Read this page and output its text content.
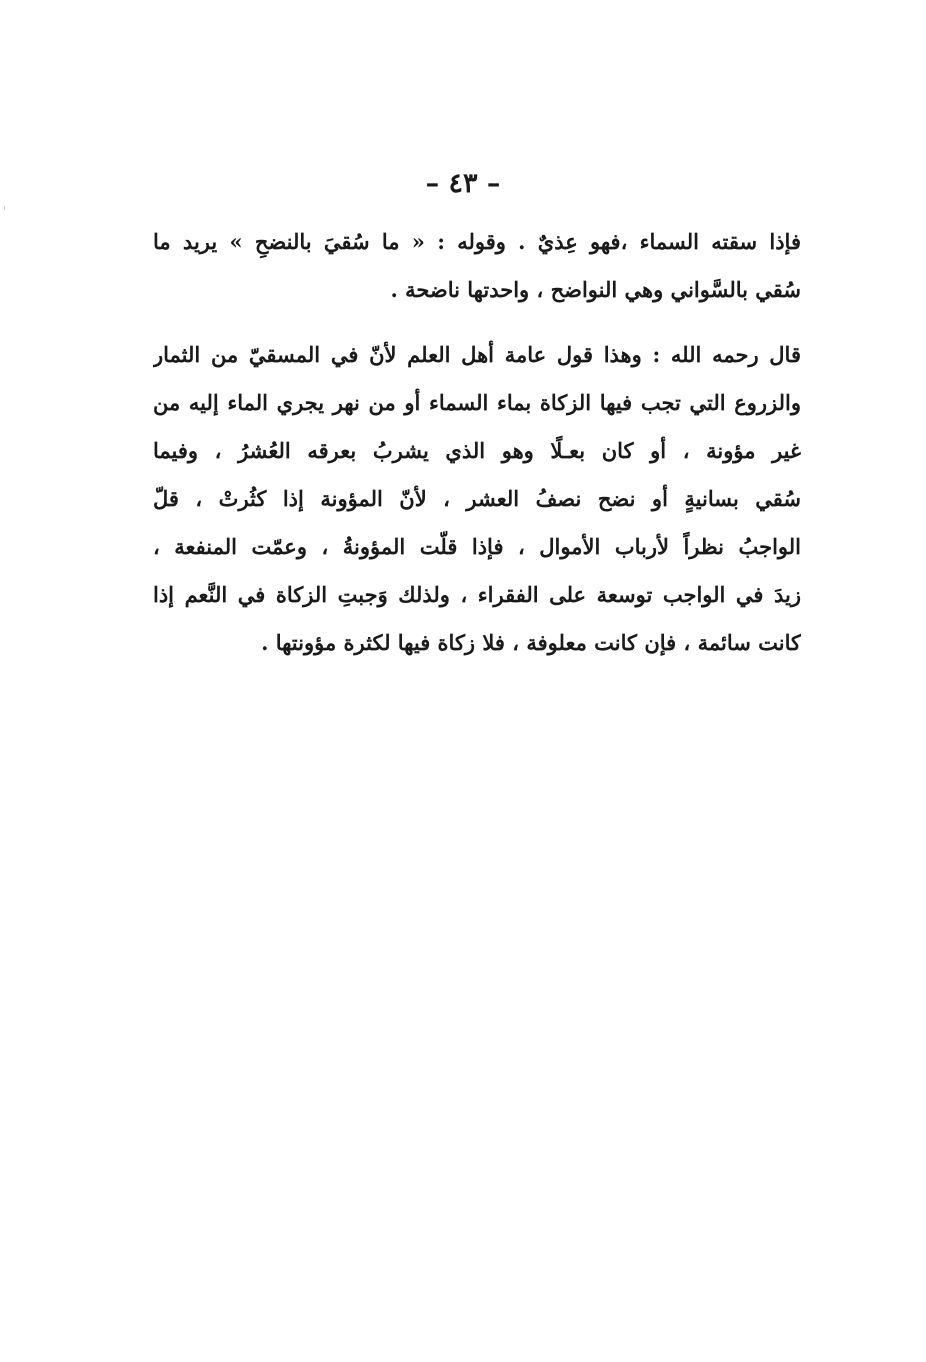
– ٤٣ –
فإذا سقته السماء ،فهو عِذيٌ . وقوله : « ما سُقيَ بالنضحِ » يريد ما
سُقي بالسَّواني وهي النواضح ، واحدتها ناضحة .
قال رحمه الله : وهذا قول عامة أهل العلم لأنّ في المسقيّ من الثمار
والزروع التي تجب فيها الزكاة بماء السماء أو من نهر يجري الماء إليه من
غير مؤونة ، أو كان بعـلًا وهو الذي يشربُ بعرقه العُشرُ ، وفيما
سُقي بسانيةٍ أو نضح نصفُ العشر ، لأنّ المؤونة إذا كثُرتْ ، قلّ
الواجبُ نظراً لأرباب الأموال ، فإذا قلّت المؤونةُ ، وعمّت المنفعة ،
زيدَ في الواجب توسعة على الفقراء ، ولذلك وَجبتِ الزكاة في النَّعم إذا
كانت سائمة ، فإن كانت معلوفة ، فلا زكاة فيها لكثرة مؤونتها .
